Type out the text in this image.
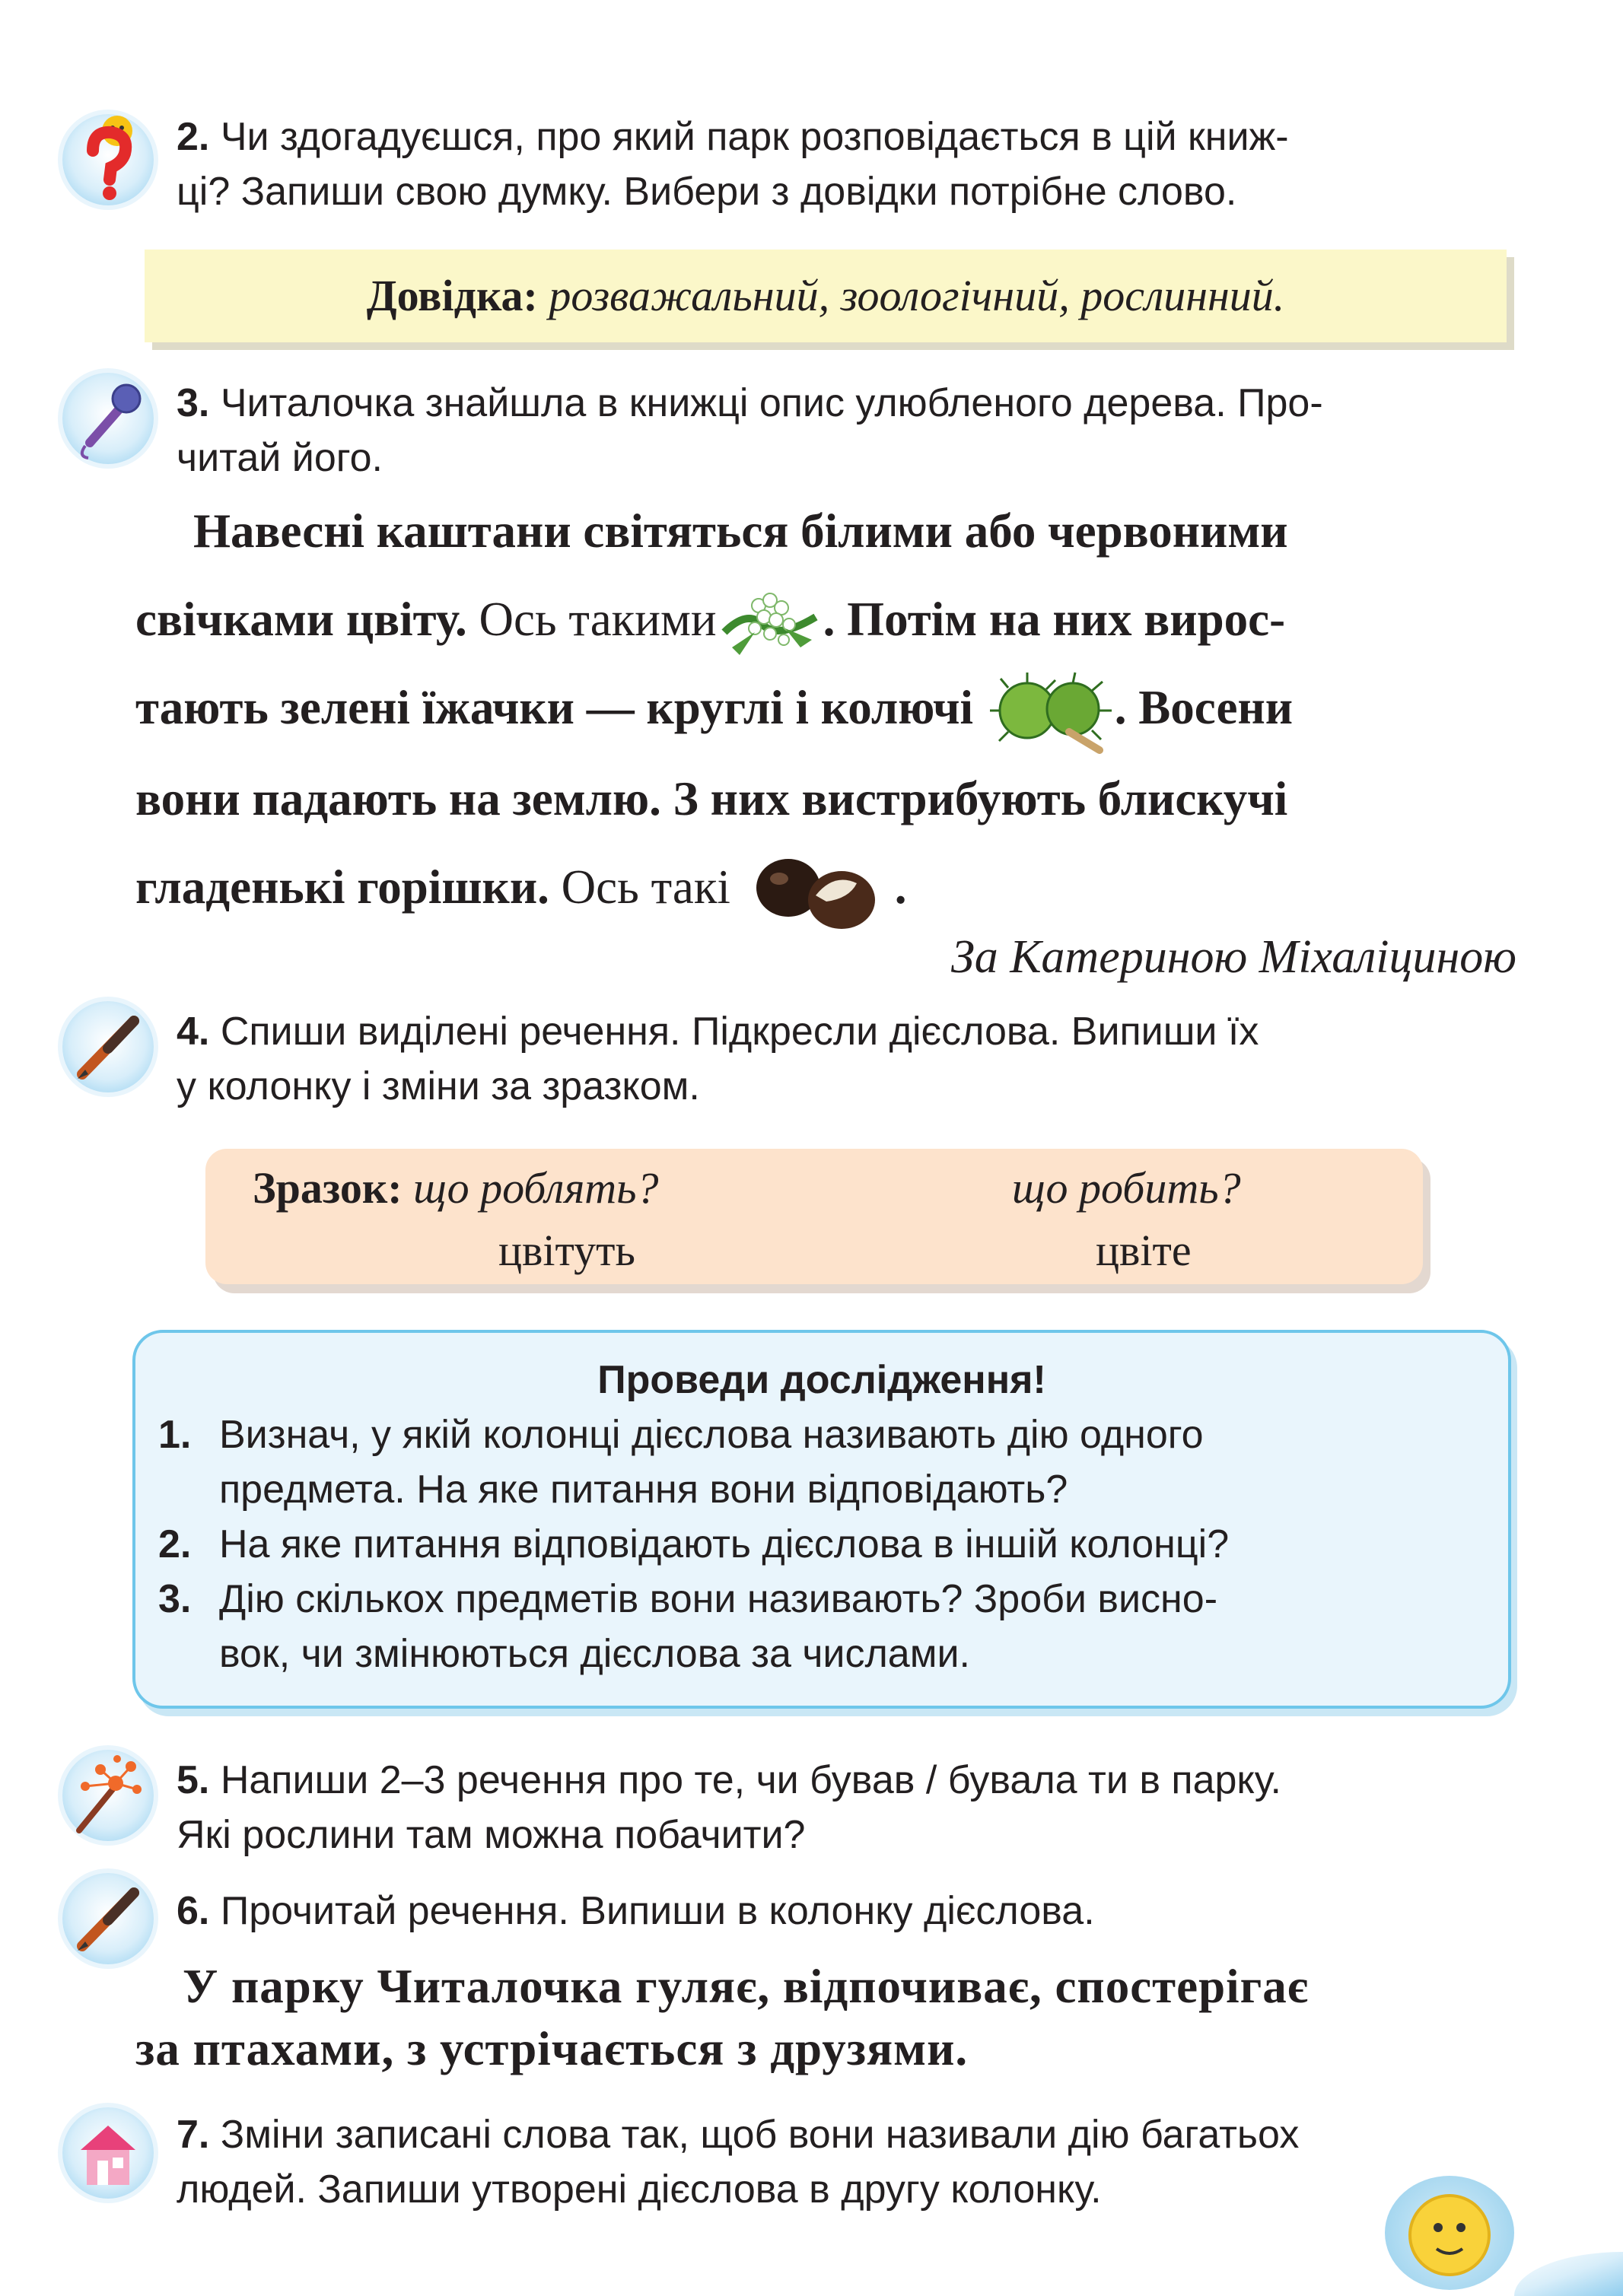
2. Чи здогадуєшся, про який парк розповідається в цій книж-
ці? Запиши свою думку. Вибери з довідки потрібне слово.
Довідка: розважальний, зоологічний, рослинний.
3. Читалочка знайшла в книжці опис улюбленого дерева. Про-
читай його.
Навесні каштани світяться білими або червоними
свічками цвіту. Ось такими . Потім на них вирос-
тають зелені їжачки — круглі і колючі	. Восени
вони падають на землю. З них вистрибують блискучі
гладенькі горішки. Ось такі	.
За Катериною Міхаліциною
4. Спиши виділені речення. Підкресли дієслова. Випиши їх
у колонку і зміни за зразком.
Зразок: що роблять?	що робить?
цвітуть	цвіте
Проведи дослідження!
1. Визнач, у якій колонці дієслова називають дію одного
предмета. На яке питання вони відповідають?
2. На яке питання відповідають дієслова в іншій колонці?
3. Дію скількох предметів вони називають? Зроби висно-
вок, чи змінюються дієслова за числами.
5. Напиши 2–3 речення про те, чи бував / бувала ти в парку.
Які рослини там можна побачити?
6. Прочитай речення. Випиши в колонку дієслова.
У парку Читалочка гуляє, відпочиває, спостерігає
за птахами, з устрічається з друзями.
7. Зміни записані слова так, щоб вони називали дію багатьох
людей. Запиши утворені дієслова в другу колонку.
